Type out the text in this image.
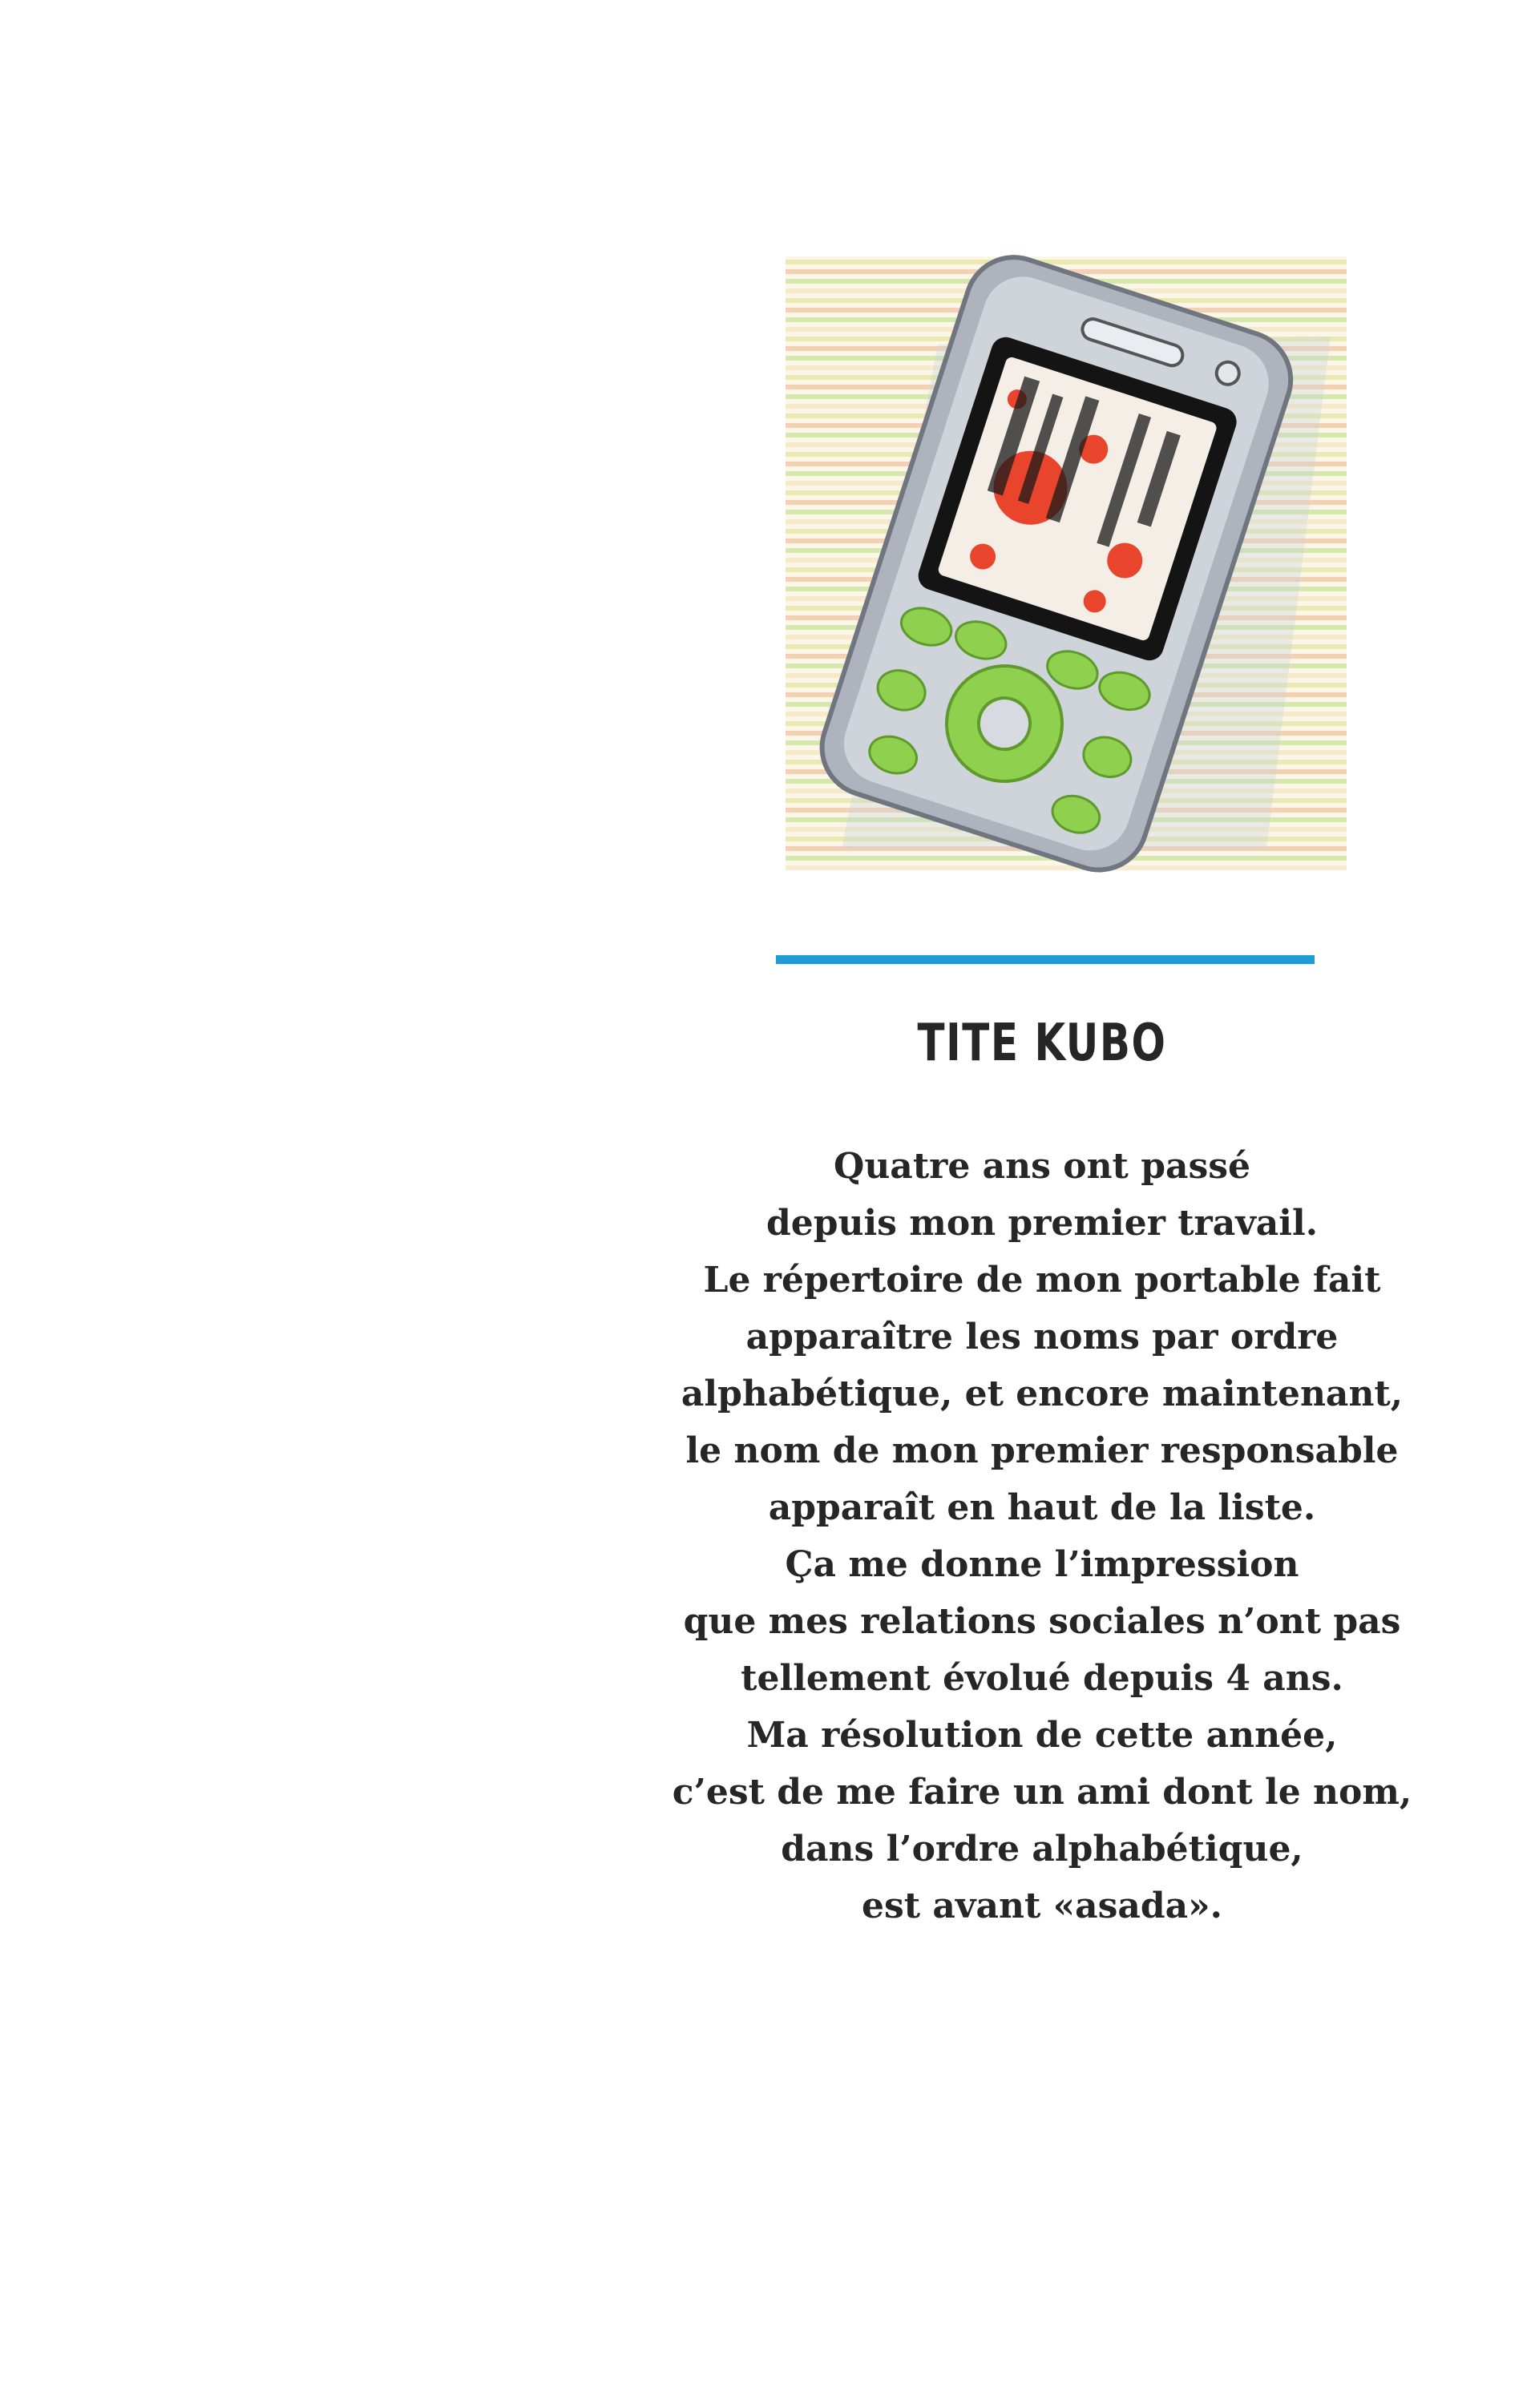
TITE KUBO
Quatre ans ont passé
depuis mon premier travail.
Le répertoire de mon portable fait
apparaître les noms par ordre
alphabétique, et encore maintenant,
le nom de mon premier responsable
apparaît en haut de la liste.
Ça me donne l’impression
que mes relations sociales n’ont pas
tellement évolué depuis 4 ans.
Ma résolution de cette année,
c’est de me faire un ami dont le nom,
dans l’ordre alphabétique,
est avant «asada».
